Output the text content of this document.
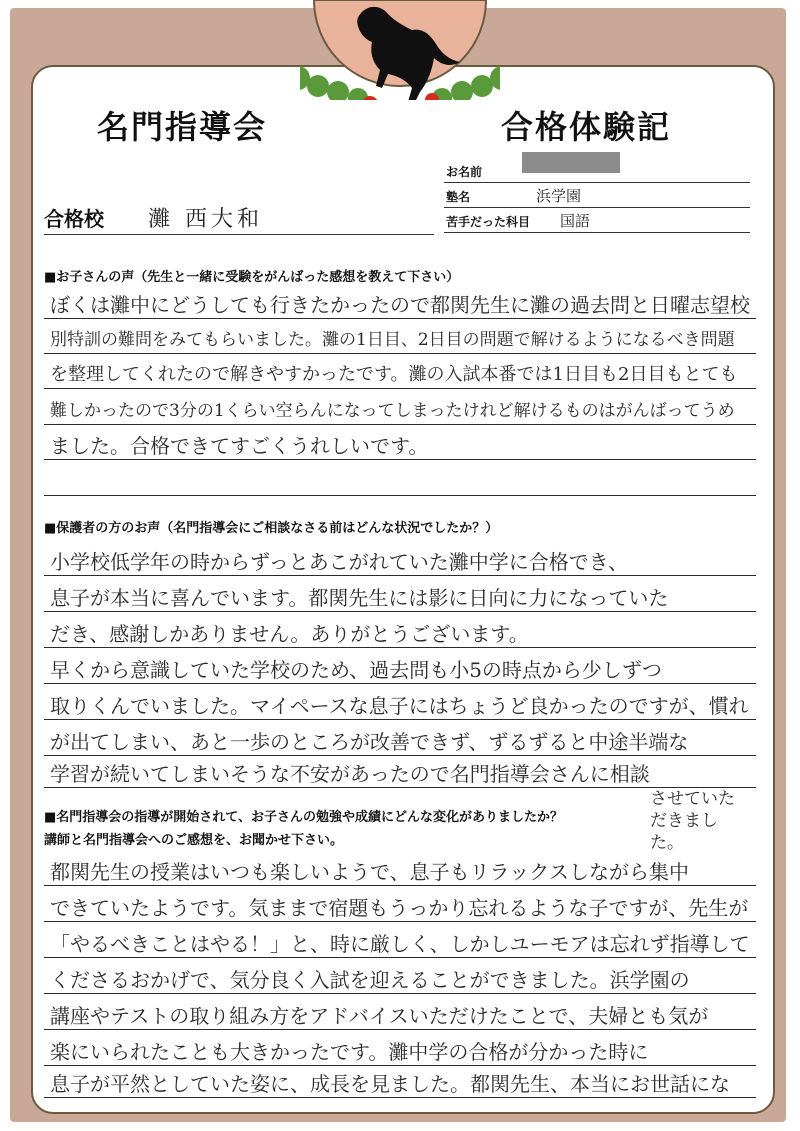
名門指導会	合格体験記
お名前
塾名	浜学園
苦手だった科目 国語
合格校 灘 西大和
■お子さんの声（先生と一緒に受験をがんばった感想を教えて下さい）
ぼくは灘中にどうしても行きたかったので都関先生に灘の過去問と日曜志望校
別特訓の難問をみてもらいました。灘の1日目、2日目の問題で解けるようになるべき問題
を整理してくれたので解きやすかったです。灘の入試本番では1日目も2日目もとても
難しかったので3分の1くらい空らんになってしまったけれど解けるものはがんばってうめ
ました。合格できてすごくうれしいです。
■保護者の方のお声（名門指導会にご相談なさる前はどんな状況でしたか？）
小学校低学年の時からずっとあこがれていた灘中学に合格でき、
息子が本当に喜んでいます。都関先生には影に日向に力になっていた
だき、感謝しかありません。ありがとうございます。
早くから意識していた学校のため、過去問も小5の時点から少しずつ
取りくんでいました。マイペースな息子にはちょうど良かったのですが、慣れ
が出てしまい、あと一歩のところが改善できず、ずるずると中途半端な
学習が続いてしまいそうな不安があったので名門指導会さんに相談
させていただきました。
■名門指導会の指導が開始されて、お子さんの勉強や成績にどんな変化がありましたか？
講師と名門指導会へのご感想を、お聞かせ下さい。
都関先生の授業はいつも楽しいようで、息子もリラックスしながら集中
できていたようです。気ままで宿題もうっかり忘れるような子ですが、先生が
「やるべきことはやる！」と、時に厳しく、しかしユーモアは忘れず指導して
くださるおかげで、気分良く入試を迎えることができました。浜学園の
講座やテストの取り組み方をアドバイスいただけたことで、夫婦とも気が
楽にいられたことも大きかったです。灘中学の合格が分かった時に
息子が平然としていた姿に、成長を見ました。都関先生、本当にお世話にな
